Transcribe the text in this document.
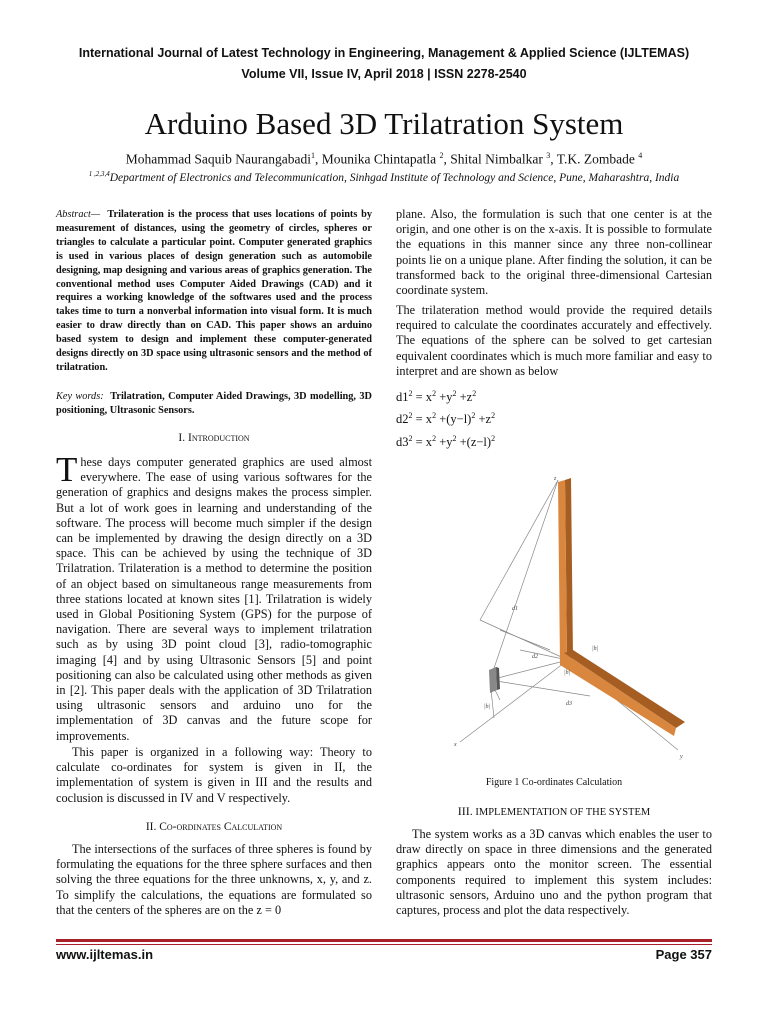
International Journal of Latest Technology in Engineering, Management & Applied Science (IJLTEMAS)
Volume VII, Issue IV, April 2018 | ISSN 2278-2540
Arduino Based 3D Trilatration System
Mohammad Saquib Naurangabadi$^1$, Mounika Chintapatla $^2$, Shital Nimbalkar $^3$, T.K. Zombade $^4$
$^{1 ,2,3,4}$Department of Electronics and Telecommunication, Sinhgad Institute of Technology and Science, Pune, Maharashtra, India
Abstract— Trilateration is the process that uses locations of points by measurement of distances, using the geometry of circles, spheres or triangles to calculate a particular point. Computer generated graphics is used in various places of design generation such as automobile designing, map designing and various areas of graphics generation. The conventional method uses Computer Aided Drawings (CAD) and it requires a working knowledge of the softwares used and the process takes time to turn a nonverbal information into visual form. It is much easier to draw directly than on CAD. This paper shows an arduino based system to design and implement these computer-generated designs directly on 3D space using ultrasonic sensors and the method of trilatration.
Key words: Trilatration, Computer Aided Drawings, 3D modelling, 3D positioning, Ultrasonic Sensors.
I. Introduction
These days computer generated graphics are used almost everywhere. The ease of using various softwares for the generation of graphics and designs makes the process simpler. But a lot of work goes in learning and understanding of the software. The process will become much simpler if the design can be implemented by drawing the design directly on a 3D space. This can be achieved by using the technique of 3D Trilatration. Trilateration is a method to determine the position of an object based on simultaneous range measurements from three stations located at known sites [1]. Trilatration is widely used in Global Positioning System (GPS) for the purpose of navigation. There are several ways to implement trilatration such as by using 3D point cloud [3], radio-tomographic imaging [4] and by using Ultrasonic Sensors [5] and point positioning can also be calculated using other methods as given in [2]. This paper deals with the application of 3D Trilatration using ultrasonic sensors and arduino uno for the implementation of 3D canvas and the future scope for improvements.
This paper is organized in a following way: Theory to calculate co-ordinates for system is given in II, the implementation of system is given in III and the results and coclusion is discussed in IV and V respectively.
II. Co-ordinates Calculation
The intersections of the surfaces of three spheres is found by formulating the equations for the three sphere surfaces and then solving the three equations for the three unknowns, x, y, and z. To simplify the calculations, the equations are formulated so that the centers of the spheres are on the z = 0
plane. Also, the formulation is such that one center is at the origin, and one other is on the x-axis. It is possible to formulate the equations in this manner since any three non-collinear points lie on a unique plane. After finding the solution, it can be transformed back to the original three-dimensional Cartesian coordinate system.
The trilateration method would provide the required details required to calculate the coordinates accurately and effectively. The equations of the sphere can be solved to get cartesian equivalent coordinates which is much more familiar and easy to interpret and are shown as below
$d1^2 = x^2 +y^2 +z^2$
$d2^2 = x^2 +(y-l)^2 +z^2$
$d3^2 = x^2 +y^2 +(z-l)^2$
z
x
y
d1
d2
d3
|h|
|h|
|h|
Figure 1 Co-ordinates Calculation
III. IMPLEMENTATION OF THE SYSTEM
The system works as a 3D canvas which enables the user to draw directly on space in three dimensions and the generated graphics appears onto the monitor screen. The essential components required to implement this system includes: ultrasonic sensors, Arduino uno and the python program that captures, process and plot the data respectively.
www.ijltemas.in	Page 357
